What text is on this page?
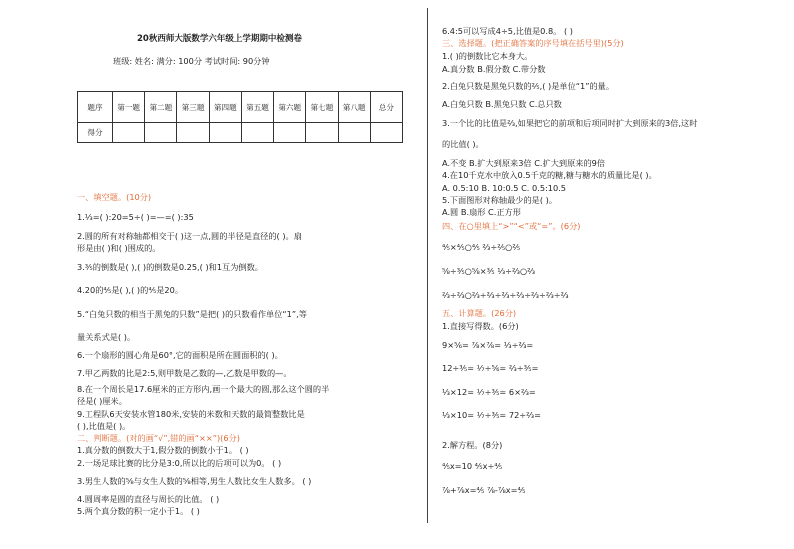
20秋西师大版数学六年级上学期期中检测卷
班级: 姓名: 满分: 100分 考试时间: 90分钟
题序	第一题	第二题	第三题	第四题	第五题	第六题	第七题	第八题	总分
得分									
一、填空题。(10分)
1.⅓=( ):20=5÷( )=—=( ):35
2.圆的所有对称轴都相交于( )这一点,圆的半径是直径的( )。扇
形是由( )和( )围成的。
3.⅗的倒数是( ),( )的倒数是0.25,( )和1互为倒数。
4.20的⅘是( ),( )的⅘是20。
5.“白兔只数的相当于黑兔的只数”是把( )的只数看作单位“1”,等
量关系式是( )。
6.一个扇形的圆心角是60°,它的面积是所在圆面积的( )。
7.甲乙两数的比是2:5,则甲数是乙数的—,乙数是甲数的—。
8.在一个周长是17.6厘米的正方形内,画一个最大的圆,那么这个圆的半
径是( )厘米。
9.工程队6天安装水管180米,安装的米数和天数的最简整数比是
( ),比值是( )。
二、判断题。(对的画“√”,错的画“××”)(6分)
1.真分数的倒数大于1,假分数的倒数小于1。 ( )
2.一场足球比赛的比分是3:0,所以比的后项可以为0。 ( )
3.男生人数的⅝与女生人数的⅝相等,男生人数比女生人数多。 ( )
4.圆周率是圆的直径与周长的比值。 ( )
5.两个真分数的积一定小于1。 ( )
6.4:5可以写成4÷5,比值是0.8。 ( )
三、选择题。(把正确答案的序号填在括号里)(5分)
1.( )的倒数比它本身大。
A.真分数 B.假分数 C.带分数
2.白兔只数是黑兔只数的⅖,( )是单位“1”的量。
A.白兔只数 B.黑兔只数 C.总只数
3.一个比的比值是⅔,如果把它的前项和后项同时扩大到原来的3倍,这时
的比值( )。
A.不变 B.扩大到原来3倍 C.扩大到原来的9倍
4.在10千克水中放入0.5千克的糖,糖与糖水的质量比是( )。
A. 0.5:10 B. 10:0.5 C. 0.5:10.5
5.下面图形对称轴最少的是( )。
A.圆 B.扇形 C.正方形
四、在○里填上“>”“<”或“=”。(6分)
⅘×⅘○⅘ ⅔÷⅖○⅖
⅝÷⅗○⅝×⅗ ⅓÷⅔○⅔
⅔÷⅔○⅔÷⅔÷⅔÷⅔÷⅔÷⅔÷⅔
五、计算题。(26分)
1.直接写得数。(6分)
9×⅚= ⅞×⅞= ⅓÷⅔=
12÷⅗= ⅐÷⅚= ⅔÷⅗=
⅓×12= ⅐÷⅗= 6×⅔=
⅓×10= ⅐÷⅗= 72÷⅔=
2.解方程。(8分)
⅘x=10 ⅘x÷⅘
⅞+⅞x=⅘ ⅞-⅞x=⅘
